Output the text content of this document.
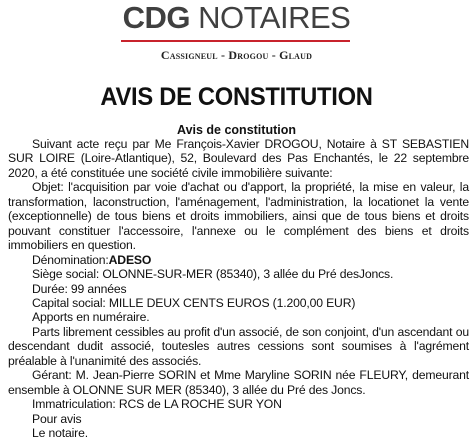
CDG NOTAIRES
Cassigneul - Drogou - Glaud
AVIS DE CONSTITUTION
Avis de constitution

Suivant acte reçu par Me François-Xavier DROGOU, Notaire à ST SEBASTIEN SUR LOIRE (Loire-Atlantique), 52, Boulevard des Pas Enchantés, le 22 septembre 2020, a été constituée une société civile immobilière suivante:

Objet: l'acquisition par voie d'achat ou d'apport, la propriété, la mise en valeur, la transformation, laconstruction, l'aménagement, l'administration, la locationet la vente (exceptionnelle) de tous biens et droits immobiliers, ainsi que de tous biens et droits pouvant constituer l'accessoire, l'annexe ou le complément des biens et droits immobiliers en question.

Dénomination:ADESO

Siège social: OLONNE-SUR-MER (85340), 3 allée du Pré desJoncs.

Durée: 99 années

Capital social: MILLE DEUX CENTS EUROS (1.200,00 EUR)

Apports en numéraire.

Parts librement cessibles au profit d'un associé, de son conjoint, d'un ascendant ou descendant dudit associé, toutesles autres cessions sont soumises à l'agrément préalable à l'unanimité des associés.

Gérant: M. Jean-Pierre SORIN et Mme Maryline SORIN née FLEURY, demeurant ensemble à OLONNE SUR MER (85340), 3 allée du Pré des Joncs.

Immatriculation: RCS de LA ROCHE SUR YON

Pour avis

Le notaire.
